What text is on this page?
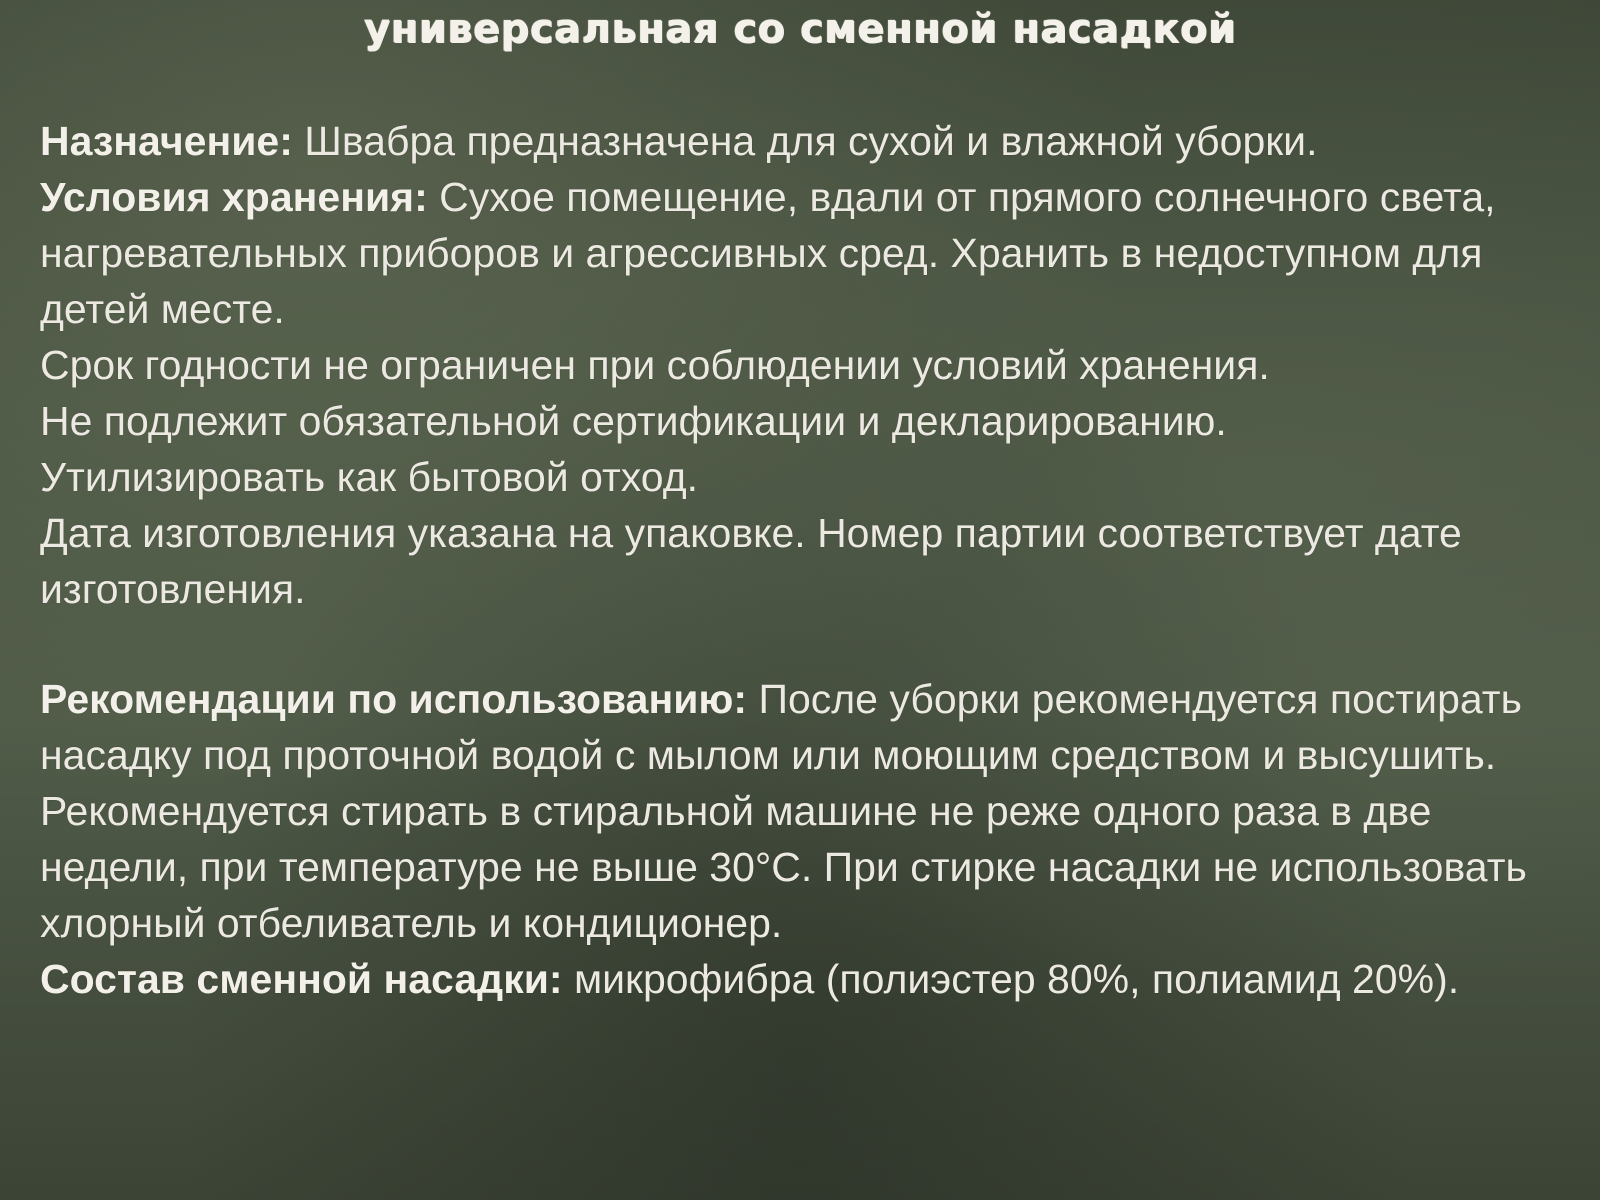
универсальная со сменной насадкой

Назначение: Швабра предназначена для сухой и влажной уборки.

Условия хранения: Сухое помещение, вдали от прямого солнечного света, нагревательных приборов и агрессивных сред. Хранить в недоступном для детей месте.

Срок годности не ограничен при соблюдении условий хранения.

Не подлежит обязательной сертификации и декларированию.

Утилизировать как бытовой отход.

Дата изготовления указана на упаковке. Номер партии соответствует дате изготовления.

Рекомендации по использованию: После уборки рекомендуется постирать насадку под проточной водой с мылом или моющим средством и высушить. Рекомендуется стирать в стиральной машине не реже одного раза в две недели, при температуре не выше 30°С. При стирке насадки не использовать хлорный отбеливатель и кондиционер.

Состав сменной насадки: микрофибра (полиэстер 80%, полиамид 20%).
